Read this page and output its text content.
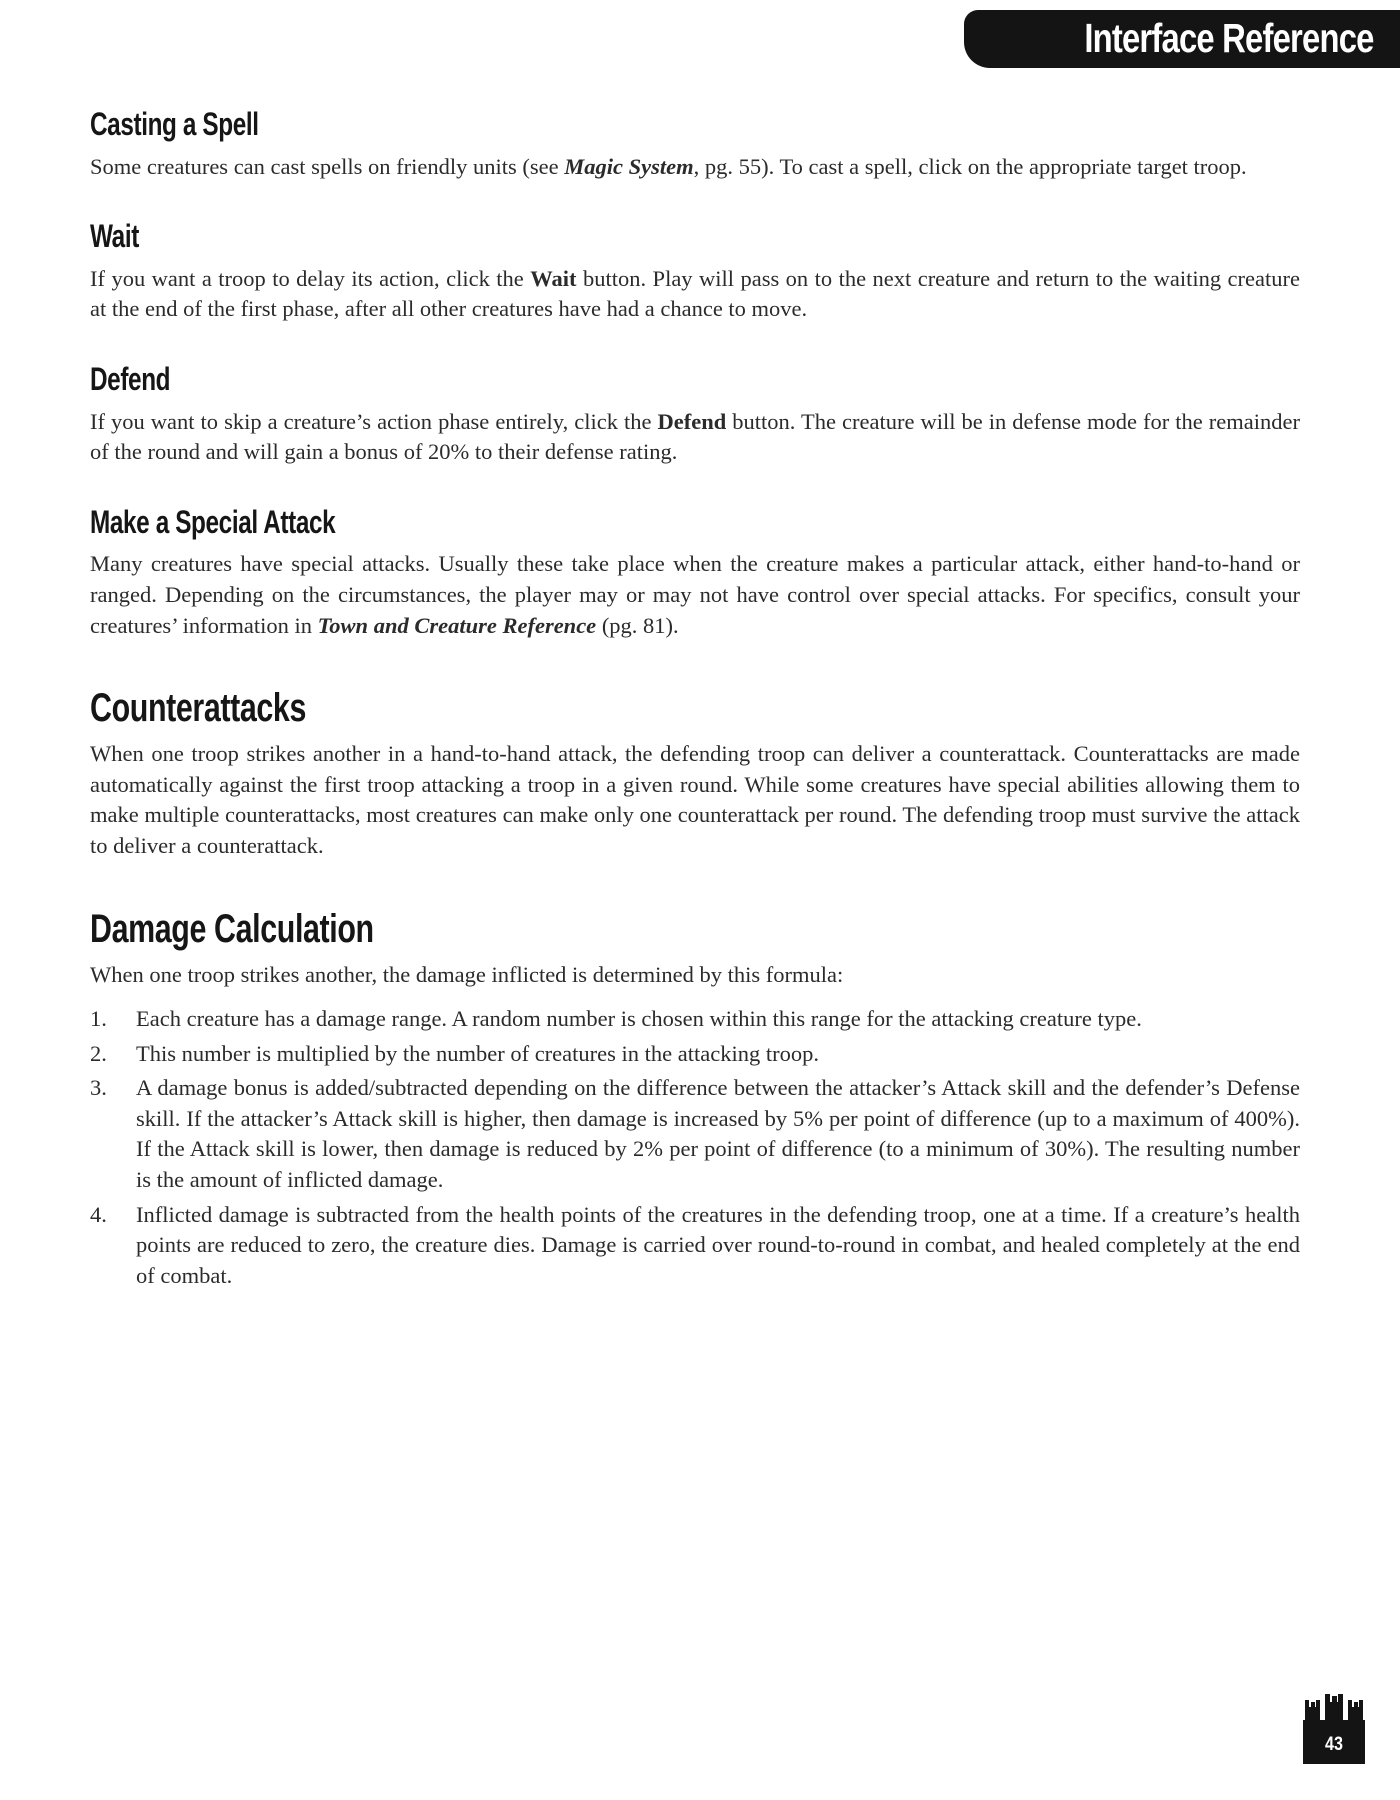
Interface Reference
Casting a Spell

Some creatures can cast spells on friendly units (see Magic System, pg. 55). To cast a spell, click on the appropriate target troop.

Wait

If you want a troop to delay its action, click the Wait button. Play will pass on to the next creature and return to the waiting creature at the end of the first phase, after all other creatures have had a chance to move.

Defend

If you want to skip a creature’s action phase entirely, click the Defend button. The creature will be in defense mode for the remainder of the round and will gain a bonus of 20% to their defense rating.

Make a Special Attack

Many creatures have special attacks. Usually these take place when the creature makes a particular attack, either hand-to-hand or ranged. Depending on the circumstances, the player may or may not have control over special attacks. For specifics, consult your creatures’ information in Town and Creature Reference (pg. 81).

Counterattacks

When one troop strikes another in a hand-to-hand attack, the defending troop can deliver a counterattack. Counterattacks are made automatically against the first troop attacking a troop in a given round. While some creatures have special abilities allowing them to make multiple counterattacks, most creatures can make only one counterattack per round. The defending troop must survive the attack to deliver a counterattack.

Damage Calculation

When one troop strikes another, the damage inflicted is determined by this formula:

1.	Each creature has a damage range. A random number is chosen within this range for the attacking creature type.
2.	This number is multiplied by the number of creatures in the attacking troop.
3.	A damage bonus is added/subtracted depending on the difference between the attacker’s Attack skill and the defender’s Defense skill. If the attacker’s Attack skill is higher, then damage is increased by 5% per point of difference (up to a maximum of 400%). If the Attack skill is lower, then damage is reduced by 2% per point of difference (to a minimum of 30%). The resulting number is the amount of inflicted damage.
4.	Inflicted damage is subtracted from the health points of the creatures in the defending troop, one at a time. If a creature’s health points are reduced to zero, the creature dies. Damage is carried over round-to-round in combat, and healed completely at the end of combat.
43
